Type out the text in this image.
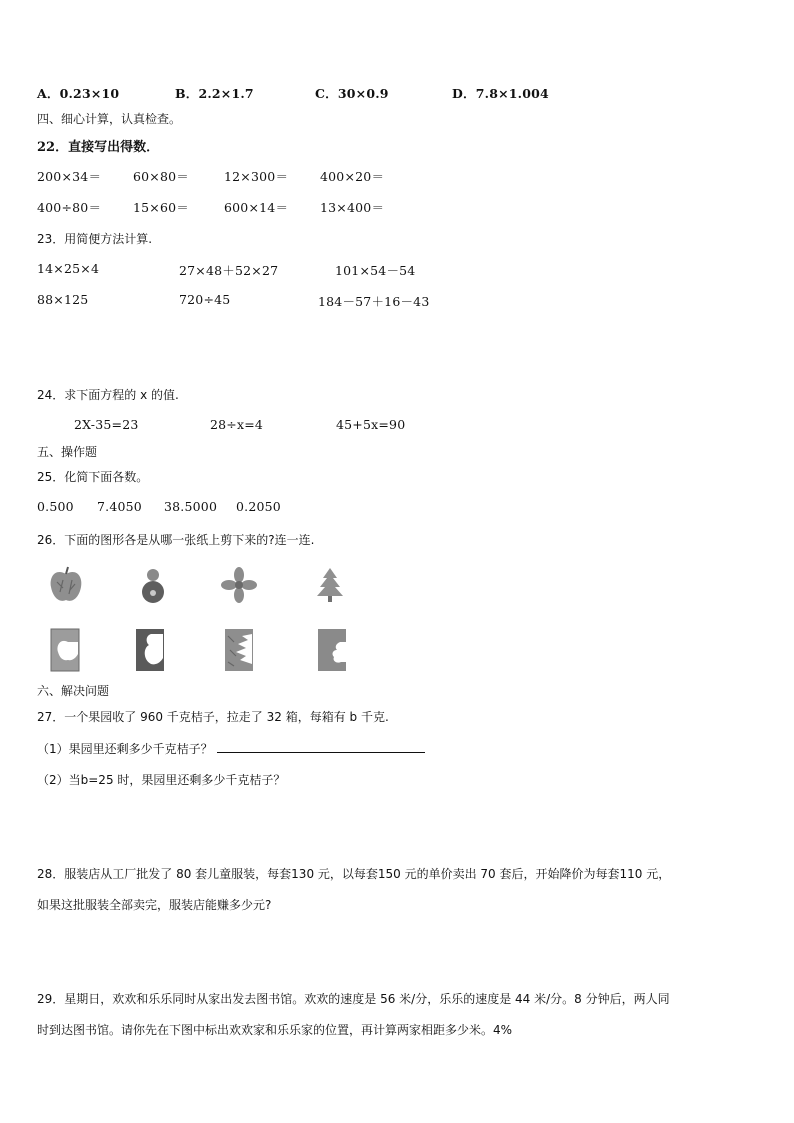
A．0.23×10	B．2.2×1.7	C．30×0.9	D．7.8×1.004
四、细心计算，认真检查。
22．直接写出得数．
200×34＝	60×80＝	12×300＝	400×20＝
400÷80＝	15×60＝	600×14＝	13×400＝
23．用简便方法计算.
14×25×4	27×48＋52×27	101×54－54
88×125	720÷45	184－57＋16－43
24．求下面方程的 x 的值.
2X-35=23	28÷x=4	45+5x=90
五、操作题
25．化简下面各数。
0.500 7.4050 38.5000 0.2050
26．下面的图形各是从哪一张纸上剪下来的?连一连.
六、解决问题
27．一个果园收了 960 千克桔子，拉走了 32 箱，每箱有 b 千克.
（1）果园里还剩多少千克桔子？
（2）当b=25 时，果园里还剩多少千克桔子？
28．服装店从工厂批发了 80 套儿童服装，每套130 元，以每套150 元的单价卖出 70 套后，开始降价为每套110 元，
如果这批服装全部卖完，服装店能赚多少元?
29．星期日，欢欢和乐乐同时从家出发去图书馆。欢欢的速度是 56 米/分，乐乐的速度是 44 米/分。8 分钟后，两人同
时到达图书馆。请你先在下图中标出欢欢家和乐乐家的位置，再计算两家相距多少米。4%
